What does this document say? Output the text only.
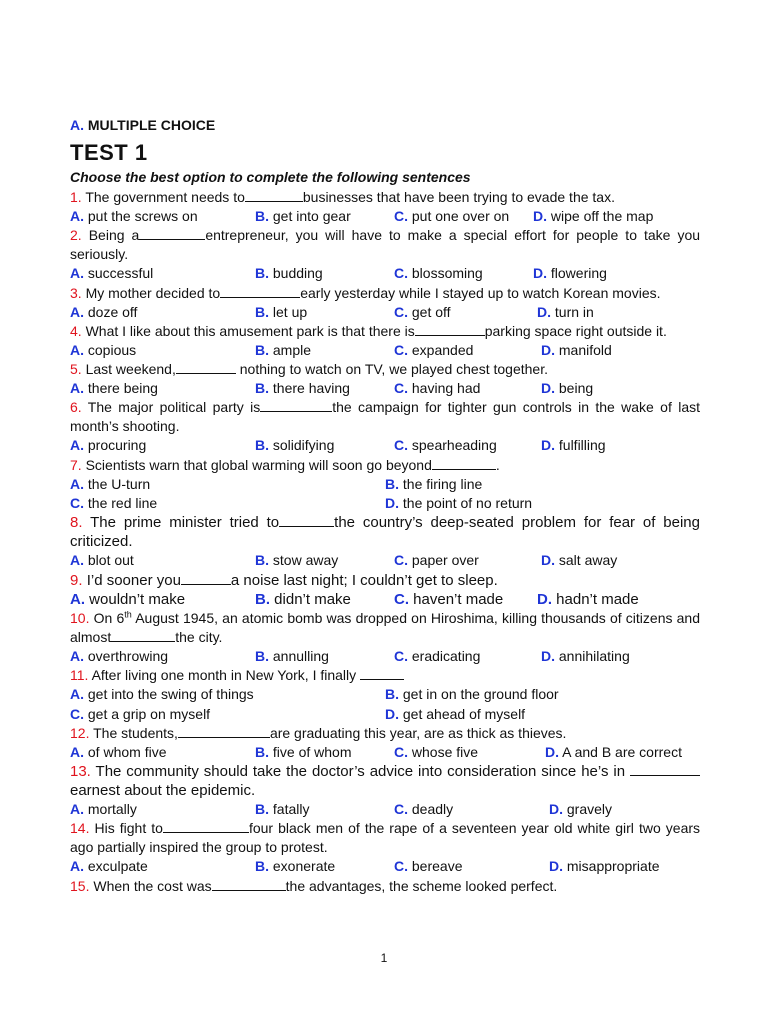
A. MULTIPLE CHOICE
TEST 1
Choose the best option to complete the following sentences
1. The government needs to	businesses that have been trying to evade the tax.
A. put the screws on	B. get into gear	C. put one over on	D. wipe off the map
2. Being a	entrepreneur, you will have to make a special effort for people to take you seriously.
A. successful	B. budding	C. blossoming	D. flowering
3. My mother decided to	early yesterday while I stayed up to watch Korean movies.
A. doze off	B. let up	C. get off	D. turn in
4. What I like about this amusement park is that there is	parking space right outside it.
A. copious	B. ample	C. expanded	D. manifold
5. Last weekend,	nothing to watch on TV, we played chest together.
A. there being	B. there having	C. having had	D. being
6. The major political party is	the campaign for tighter gun controls in the wake of last month’s shooting.
A. procuring	B. solidifying	C. spearheading	D. fulfilling
7. Scientists warn that global warming will soon go beyond	.
A. the U-turn	B. the firing line
C. the red line	D. the point of no return
8. The prime minister tried to	the country’s deep-seated problem for fear of being criticized.
A. blot out	B. stow away	C. paper over	D. salt away
9. I’d sooner you	a noise last night; I couldn’t get to sleep.
A. wouldn’t make	B. didn’t make	C. haven’t made	D. hadn’t made
10. On 6th August 1945, an atomic bomb was dropped on Hiroshima, killing thousands of citizens and almost	the city.
A. overthrowing	B. annulling	C. eradicating	D. annihilating
11. After living one month in New York, I finally
A. get into the swing of things	B. get in on the ground floor
C. get a grip on myself	D. get ahead of myself
12. The students,	are graduating this year, are as thick as thieves.
A. of whom five	B. five of whom	C. whose five	D. A and B are correct
13. The community should take the doctor’s advice into consideration since he’s in earnest about the epidemic.
A. mortally	B. fatally	C. deadly	D. gravely
14. His fight to	four black men of the rape of a seventeen year old white girl two years ago partially inspired the group to protest.
A. exculpate	B. exonerate	C. bereave	D. misappropriate
15. When the cost was	the advantages, the scheme looked perfect.
1
